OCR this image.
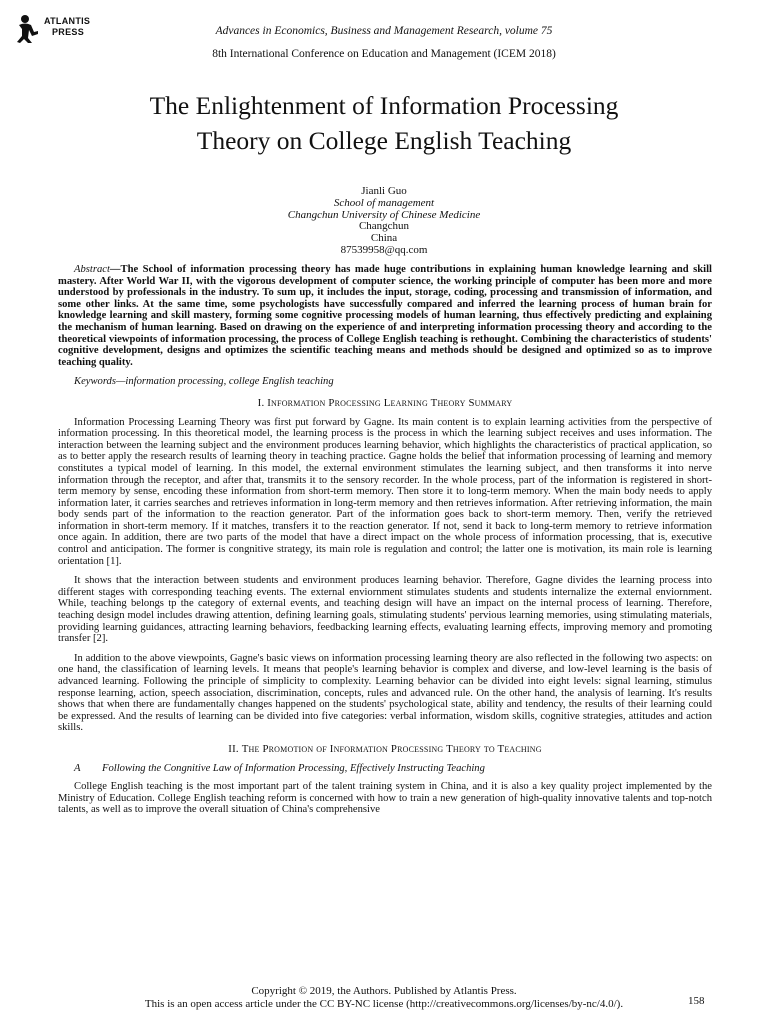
ATLANTIS
PRESS	Advances in Economics, Business and Management Research, volume 75
8th International Conference on Education and Management (ICEM 2018)
The Enlightenment of Information Processing
Theory on College English Teaching
Jianli Guo
School of management
Changchun University of Chinese Medicine
Changchun
China
87539958@qq.com

Abstract—The School of information processing theory has made huge contributions in explaining human knowledge learning and skill mastery. After World War II, with the vigorous development of computer science, the working principle of computer has been more and more understood by professionals in the industry. To sum up, it includes the input, storage, coding, processing and transmission of information, and some other links. At the same time, some psychologists have successfully compared and inferred the learning process of human brain for knowledge learning and skill mastery, forming some cognitive processing models of human learning, thus effectively predicting and explaining the mechanism of human learning. Based on drawing on the experience of and interpreting information processing theory and according to the theoretical viewpoints of information processing, the process of College English teaching is rethought. Combining the characteristics of students' cognitive development, designs and optimizes the scientific teaching means and methods should be designed and optimized so as to improve teaching quality.

Keywords—information processing, college English teaching

I. Information Processing Learning Theory Summary

Information Processing Learning Theory was first put forward by Gagne. Its main content is to explain learning activities from the perspective of information processing. In this theoretical model, the learning process is the process in which the learning subject receives and uses information. The interaction between the learning subject and the environment produces learning behavior, which highlights the characteristics of practical application, so as to better apply the research results of learning theory in teaching practice. Gagne holds the belief that information processing of learning and memory constitutes a typical model of learning. In this model, the external environment stimulates the learning subject, and then transforms it into nerve information through the receptor, and after that, transmits it to the sensory recorder. In the whole process, part of the information is registered in short-term memory by sense, encoding these information from short-term memory. Then store it to long-term memory. When the main body needs to apply information later, it carries searches and retrieves information in long-term memory and then retrieves information. After retrieving information, the main body sends part of the information to the reaction generator. Part of the information goes back to short-term memory. Then, verify the retrieved information in short-term memory. If it matches, transfers it to the reaction generator. If not, send it back to long-term memory to retrieve information once again. In addition, there are two parts of the model that have a direct impact on the whole process of information processing, that is, executive control and anticipation. The former is congnitive strategy, its main role is regulation and control; the latter one is motivation, its main role is learning orientation [1].

It shows that the interaction between students and environment produces learning behavior. Therefore, Gagne divides the learning process into different stages with corresponding teaching events. The external enviornment stimulates students and students internalize the external enviornment. While, teaching belongs tp the category of external events, and teaching design will have an impact on the internal process of learning. Therefore, teaching design model includes drawing attention, defining learning goals, stimulating students' pervious learning memories, using stimulating materials, providing learning guidances, attracting learning behaviors, feedbacking learning effects, evaluating learning effects, improving memory and promoting transfer [2].

In addition to the above viewpoints, Gagne's basic views on information processing learning theory are also reflected in the following two aspects: on one hand, the classification of learning levels. It means that people's learning behavior is complex and diverse, and low-level learning is the basis of advanced learning. Following the principle of simplicity to complexity. Learning behavior can be divided into eight levels: signal learning, stimulus response learning, action, speech association, discrimination, concepts, rules and advanced rule. On the other hand, the analysis of learning. It's results shows that when there are fundamentally changes happened on the students' psychological state, ability and tendency, the results of their learning could be expressed. And the results of learning can be divided into five categories: verbal information, wisdom skills, cognitive strategies, attitudes and action skills.

II. The Promotion of Information Processing Theory to Teaching
A Following the Congnitive Law of Information Processing, Effectively Instructing Teaching

College English teaching is the most important part of the talent training system in China, and it is also a key quality project implemented by the Ministry of Education. College English teaching reform is concerned with how to train a new generation of high-quality innovative talents and top-notch talents, as well as to improve the overall situation of China's comprehensive

Copyright © 2019, the Authors. Published by Atlantis Press.
This is an open access article under the CC BY-NC license (http://creativecommons.org/licenses/by-nc/4.0/).	158
